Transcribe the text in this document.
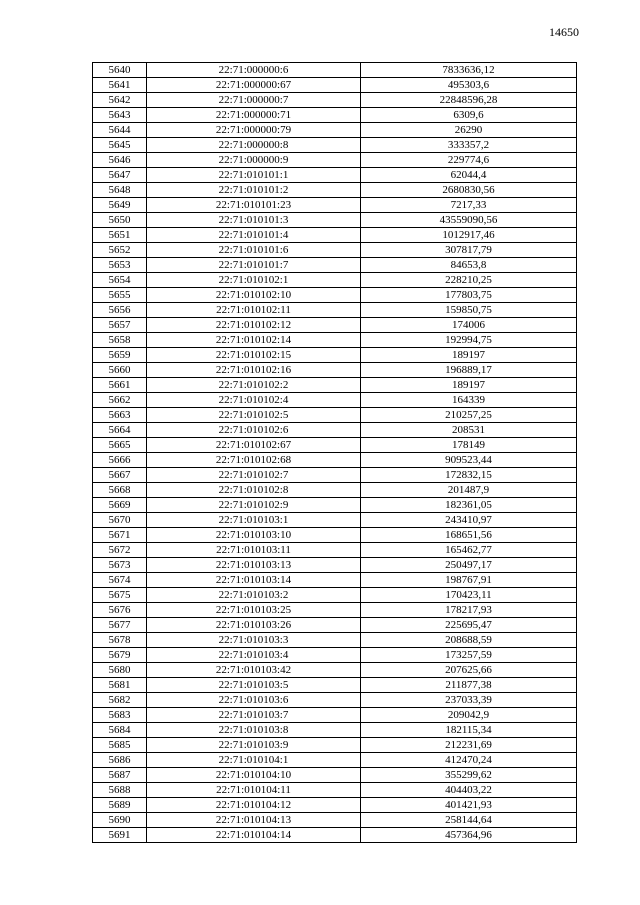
14650
5640	22:71:000000:6	7833636,12
5641	22:71:000000:67	495303,6
5642	22:71:000000:7	22848596,28
5643	22:71:000000:71	6309,6
5644	22:71:000000:79	26290
5645	22:71:000000:8	333357,2
5646	22:71:000000:9	229774,6
5647	22:71:010101:1	62044,4
5648	22:71:010101:2	2680830,56
5649	22:71:010101:23	7217,33
5650	22:71:010101:3	43559090,56
5651	22:71:010101:4	1012917,46
5652	22:71:010101:6	307817,79
5653	22:71:010101:7	84653,8
5654	22:71:010102:1	228210,25
5655	22:71:010102:10	177803,75
5656	22:71:010102:11	159850,75
5657	22:71:010102:12	174006
5658	22:71:010102:14	192994,75
5659	22:71:010102:15	189197
5660	22:71:010102:16	196889,17
5661	22:71:010102:2	189197
5662	22:71:010102:4	164339
5663	22:71:010102:5	210257,25
5664	22:71:010102:6	208531
5665	22:71:010102:67	178149
5666	22:71:010102:68	909523,44
5667	22:71:010102:7	172832,15
5668	22:71:010102:8	201487,9
5669	22:71:010102:9	182361,05
5670	22:71:010103:1	243410,97
5671	22:71:010103:10	168651,56
5672	22:71:010103:11	165462,77
5673	22:71:010103:13	250497,17
5674	22:71:010103:14	198767,91
5675	22:71:010103:2	170423,11
5676	22:71:010103:25	178217,93
5677	22:71:010103:26	225695,47
5678	22:71:010103:3	208688,59
5679	22:71:010103:4	173257,59
5680	22:71:010103:42	207625,66
5681	22:71:010103:5	211877,38
5682	22:71:010103:6	237033,39
5683	22:71:010103:7	209042,9
5684	22:71:010103:8	182115,34
5685	22:71:010103:9	212231,69
5686	22:71:010104:1	412470,24
5687	22:71:010104:10	355299,62
5688	22:71:010104:11	404403,22
5689	22:71:010104:12	401421,93
5690	22:71:010104:13	258144,64
5691	22:71:010104:14	457364,96
